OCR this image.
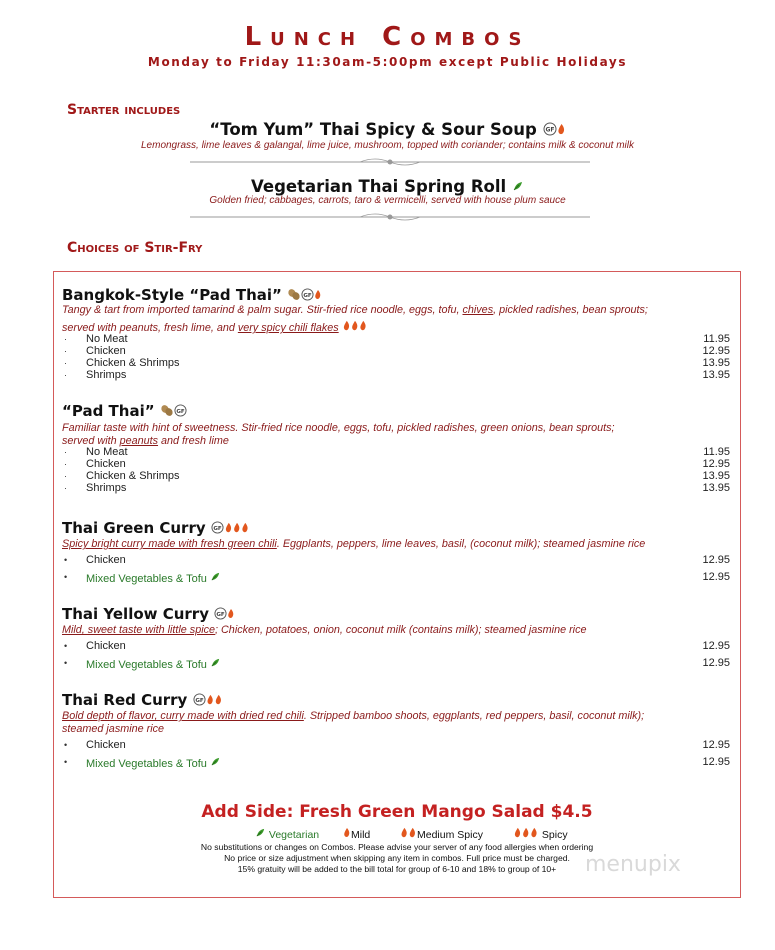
Lunch Combos
Monday to Friday 11:30am-5:00pm except Public Holidays
Starter includes
“Tom Yum” Thai Spicy & Sour Soup GF
Lemongrass, lime leaves & galangal, lime juice, mushroom, topped with coriander; contains milk & coconut milk
Vegetarian Thai Spring Roll
Golden fried; cabbages, carrots, taro & vermicelli, served with house plum sauce
Choices of Stir-Fry
Bangkok-Style “Pad Thai”	GF
Tangy & tart from imported tamarind & palm sugar. Stir-fried rice noodle, eggs, tofu, chives, pickled radishes, bean sprouts;
served with peanuts, fresh lime, and very spicy chili flakes
· No Meat	11.95
· Chicken	12.95
· Chicken & Shrimps	13.95
· Shrimps	13.95
“Pad Thai”	GF
Familiar taste with hint of sweetness. Stir-fried rice noodle, eggs, tofu, pickled radishes, green onions, bean sprouts;
served with peanuts and fresh lime
· No Meat	11.95
· Chicken	12.95
· Chicken & Shrimps	13.95
· Shrimps	13.95
Thai Green Curry GF
Spicy bright curry made with fresh green chili. Eggplants, peppers, lime leaves, basil, (coconut milk); steamed jasmine rice
• Chicken	12.95
• Mixed Vegetables & Tofu	12.95
Thai Yellow Curry GF
Mild, sweet taste with little spice; Chicken, potatoes, onion, coconut milk (contains milk); steamed jasmine rice
• Chicken	12.95
• Mixed Vegetables & Tofu	12.95
Thai Red Curry GF
Bold depth of flavor, curry made with dried red chili. Stripped bamboo shoots, eggplants, red peppers, basil, coconut milk);
steamed jasmine rice
• Chicken	12.95
• Mixed Vegetables & Tofu	12.95
Add Side: Fresh Green Mango Salad $4.5
Vegetarian	Mild	Medium Spicy	Spicy
No substitutions or changes on Combos. Please advise your server of any food allergies when ordering
No price or size adjustment when skipping any item in combos. Full price must be charged.
15% gratuity will be added to the bill total for group of 6-10 and 18% to group of 10+	menupix
